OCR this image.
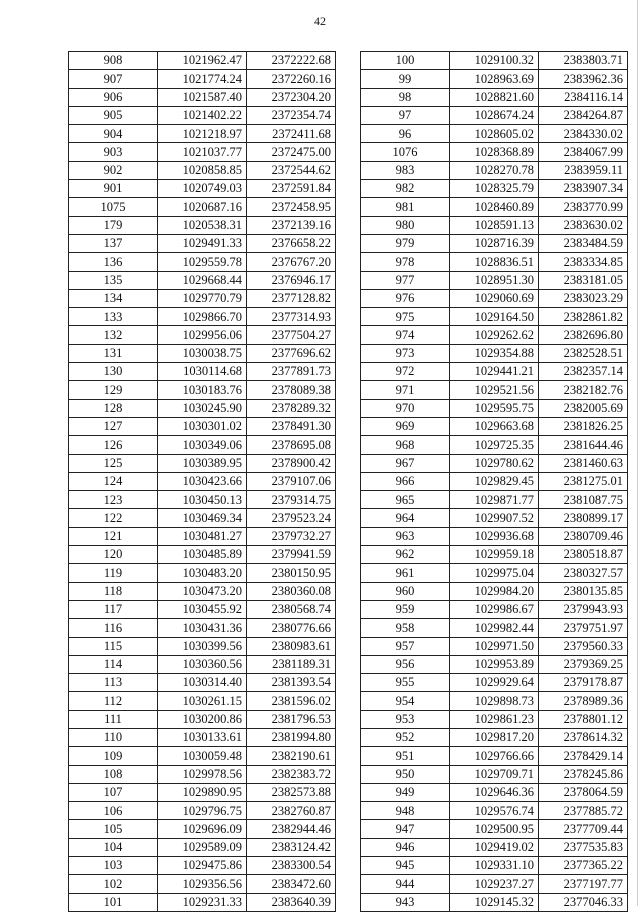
42
908	1021962.47	2372222.68
907	1021774.24	2372260.16
906	1021587.40	2372304.20
905	1021402.22	2372354.74
904	1021218.97	2372411.68
903	1021037.77	2372475.00
902	1020858.85	2372544.62
901	1020749.03	2372591.84
1075	1020687.16	2372458.95
179	1020538.31	2372139.16
137	1029491.33	2376658.22
136	1029559.78	2376767.20
135	1029668.44	2376946.17
134	1029770.79	2377128.82
133	1029866.70	2377314.93
132	1029956.06	2377504.27
131	1030038.75	2377696.62
130	1030114.68	2377891.73
129	1030183.76	2378089.38
128	1030245.90	2378289.32
127	1030301.02	2378491.30
126	1030349.06	2378695.08
125	1030389.95	2378900.42
124	1030423.66	2379107.06
123	1030450.13	2379314.75
122	1030469.34	2379523.24
121	1030481.27	2379732.27
120	1030485.89	2379941.59
119	1030483.20	2380150.95
118	1030473.20	2380360.08
117	1030455.92	2380568.74
116	1030431.36	2380776.66
115	1030399.56	2380983.61
114	1030360.56	2381189.31
113	1030314.40	2381393.54
112	1030261.15	2381596.02
111	1030200.86	2381796.53
110	1030133.61	2381994.80
109	1030059.48	2382190.61
108	1029978.56	2382383.72
107	1029890.95	2382573.88
106	1029796.75	2382760.87
105	1029696.09	2382944.46
104	1029589.09	2383124.42
103	1029475.86	2383300.54
102	1029356.56	2383472.60
101	1029231.33	2383640.39
100	1029100.32	2383803.71
99	1028963.69	2383962.36
98	1028821.60	2384116.14
97	1028674.24	2384264.87
96	1028605.02	2384330.02
1076	1028368.89	2384067.99
983	1028270.78	2383959.11
982	1028325.79	2383907.34
981	1028460.89	2383770.99
980	1028591.13	2383630.02
979	1028716.39	2383484.59
978	1028836.51	2383334.85
977	1028951.30	2383181.05
976	1029060.69	2383023.29
975	1029164.50	2382861.82
974	1029262.62	2382696.80
973	1029354.88	2382528.51
972	1029441.21	2382357.14
971	1029521.56	2382182.76
970	1029595.75	2382005.69
969	1029663.68	2381826.25
968	1029725.35	2381644.46
967	1029780.62	2381460.63
966	1029829.45	2381275.01
965	1029871.77	2381087.75
964	1029907.52	2380899.17
963	1029936.68	2380709.46
962	1029959.18	2380518.87
961	1029975.04	2380327.57
960	1029984.20	2380135.85
959	1029986.67	2379943.93
958	1029982.44	2379751.97
957	1029971.50	2379560.33
956	1029953.89	2379369.25
955	1029929.64	2379178.87
954	1029898.73	2378989.36
953	1029861.23	2378801.12
952	1029817.20	2378614.32
951	1029766.66	2378429.14
950	1029709.71	2378245.86
949	1029646.36	2378064.59
948	1029576.74	2377885.72
947	1029500.95	2377709.44
946	1029419.02	2377535.83
945	1029331.10	2377365.22
944	1029237.27	2377197.77
943	1029145.32	2377046.33
